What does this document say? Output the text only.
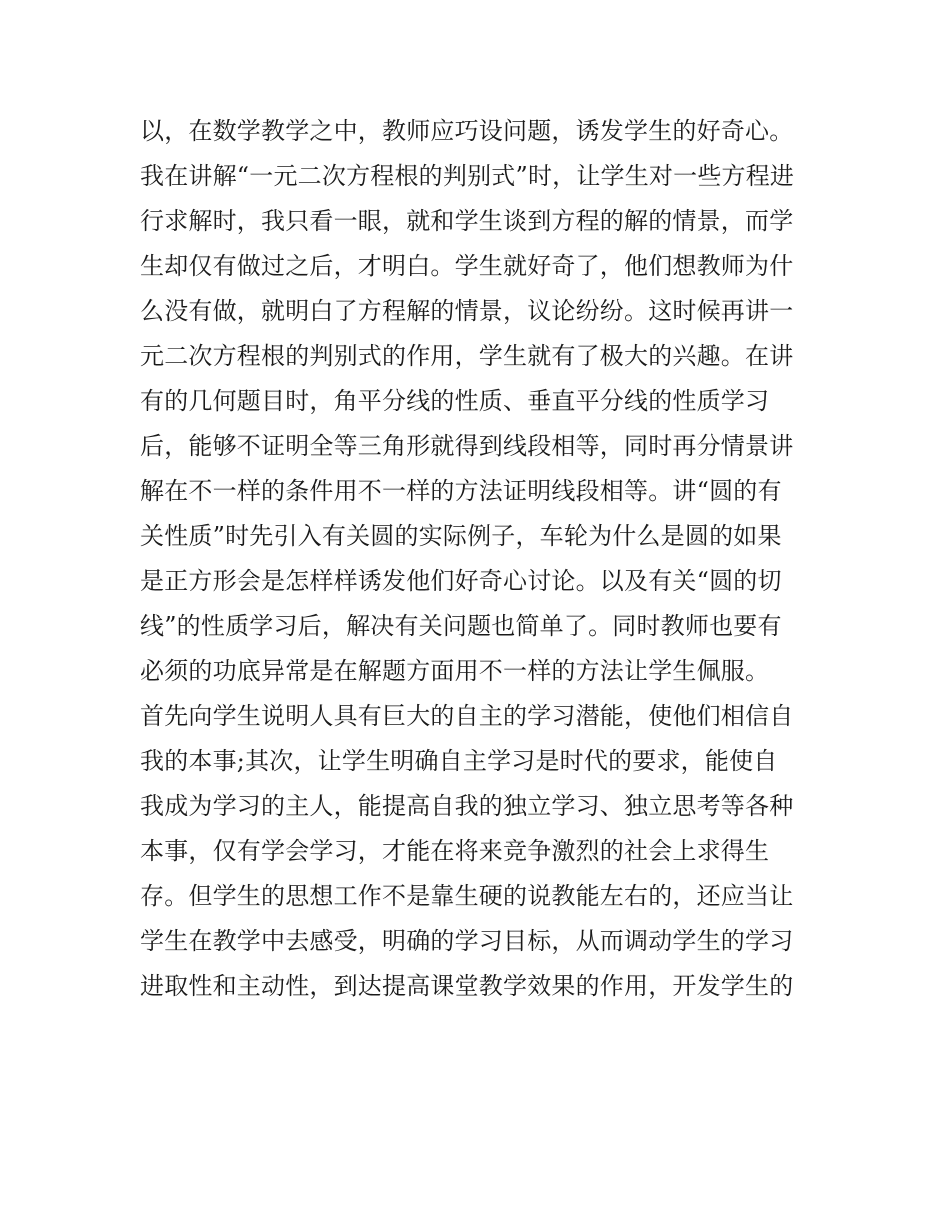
以，在数学教学之中，教师应巧设问题，诱发学生的好奇心。
我在讲解“一元二次方程根的判别式”时，让学生对一些方程进
行求解时，我只看一眼，就和学生谈到方程的解的情景，而学
生却仅有做过之后，才明白。学生就好奇了，他们想教师为什
么没有做，就明白了方程解的情景，议论纷纷。这时候再讲一
元二次方程根的判别式的作用，学生就有了极大的兴趣。在讲
有的几何题目时，角平分线的性质、垂直平分线的性质学习
后，能够不证明全等三角形就得到线段相等，同时再分情景讲
解在不一样的条件用不一样的方法证明线段相等。讲“圆的有
关性质”时先引入有关圆的实际例子，车轮为什么是圆的如果
是正方形会是怎样样诱发他们好奇心讨论。以及有关“圆的切
线”的性质学习后，解决有关问题也简单了。同时教师也要有
必须的功底异常是在解题方面用不一样的方法让学生佩服。
首先向学生说明人具有巨大的自主的学习潜能，使他们相信自
我的本事;其次，让学生明确自主学习是时代的要求，能使自
我成为学习的主人，能提高自我的独立学习、独立思考等各种
本事，仅有学会学习，才能在将来竞争激烈的社会上求得生
存。但学生的思想工作不是靠生硬的说教能左右的，还应当让
学生在教学中去感受，明确的学习目标，从而调动学生的学习
进取性和主动性，到达提高课堂教学效果的作用，开发学生的
